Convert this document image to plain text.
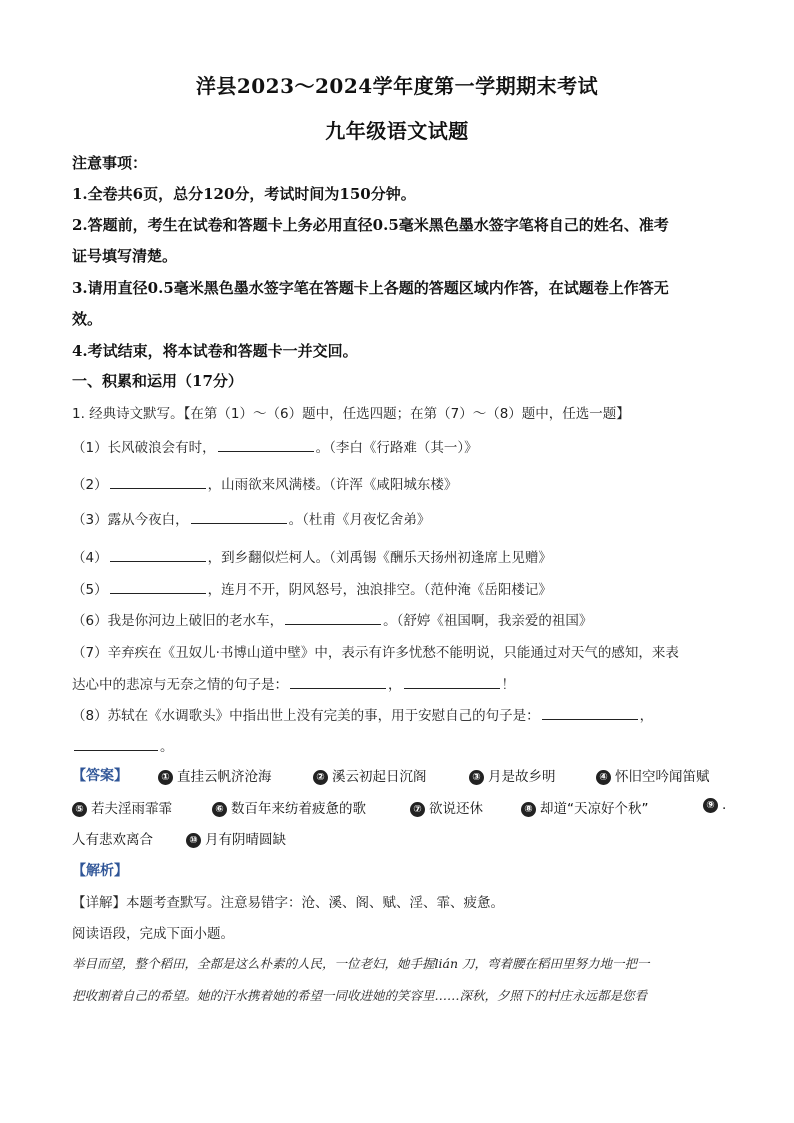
洋县2023～2024学年度第一学期期末考试
九年级语文试题
注意事项：
1.全卷共6页，总分120分，考试时间为150分钟。
2.答题前，考生在试卷和答题卡上务必用直径0.5毫米黑色墨水签字笔将自己的姓名、准考
证号填写清楚。
3.请用直径0.5毫米黑色墨水签字笔在答题卡上各题的答题区域内作答，在试题卷上作答无
效。
4.考试结束，将本试卷和答题卡一并交回。
一、积累和运用（17分）
1. 经典诗文默写。【在第（1）～（6）题中，任选四题；在第（7）～（8）题中，任选一题】
（1）长风破浪会有时，	。（李白《行路难（其一）》
（2）	，山雨欲来风满楼。（许浑《咸阳城东楼》
（3）露从今夜白，	。（杜甫《月夜忆舍弟》
（4）	，到乡翻似烂柯人。（刘禹锡《酬乐天扬州初逢席上见赠》
（5）	，连月不开，阴风怒号，浊浪排空。（范仲淹《岳阳楼记》
（6）我是你河边上破旧的老水车，	。（舒婷《祖国啊，我亲爱的祖国》
（7）辛弃疾在《丑奴儿·书博山道中壁》中，表示有许多忧愁不能明说，只能通过对天气的感知，来表
达心中的悲凉与无奈之情的句子是：	，	！
（8）苏轼在《水调歌头》中指出世上没有完美的事，用于安慰自己的句子是：	，
。
【答案】	① 直挂云帆济沧海	② 溪云初起日沉阁	③ 月是故乡明	④ 怀旧空吟闻笛赋
⑤ 若夫淫雨霏霏	⑥ 数百年来纺着疲惫的歌	⑦ 欲说还休	⑧ 却道“天凉好个秋”	⑨ .
人有悲欢离合	⑩ 月有阴晴圆缺
【解析】
【详解】本题考查默写。注意易错字：沧、溪、阁、赋、淫、霏、疲惫。
阅读语段，完成下面小题。
举目而望，整个稻田，全都是这么朴素的人民，一位老妇，她手握lián 刀，弯着腰在稻田里努力地一把一
把收割着自己的希望。她的汗水携着她的希望一同收进她的笑容里……深秋，夕照下的村庄永远都是您看
